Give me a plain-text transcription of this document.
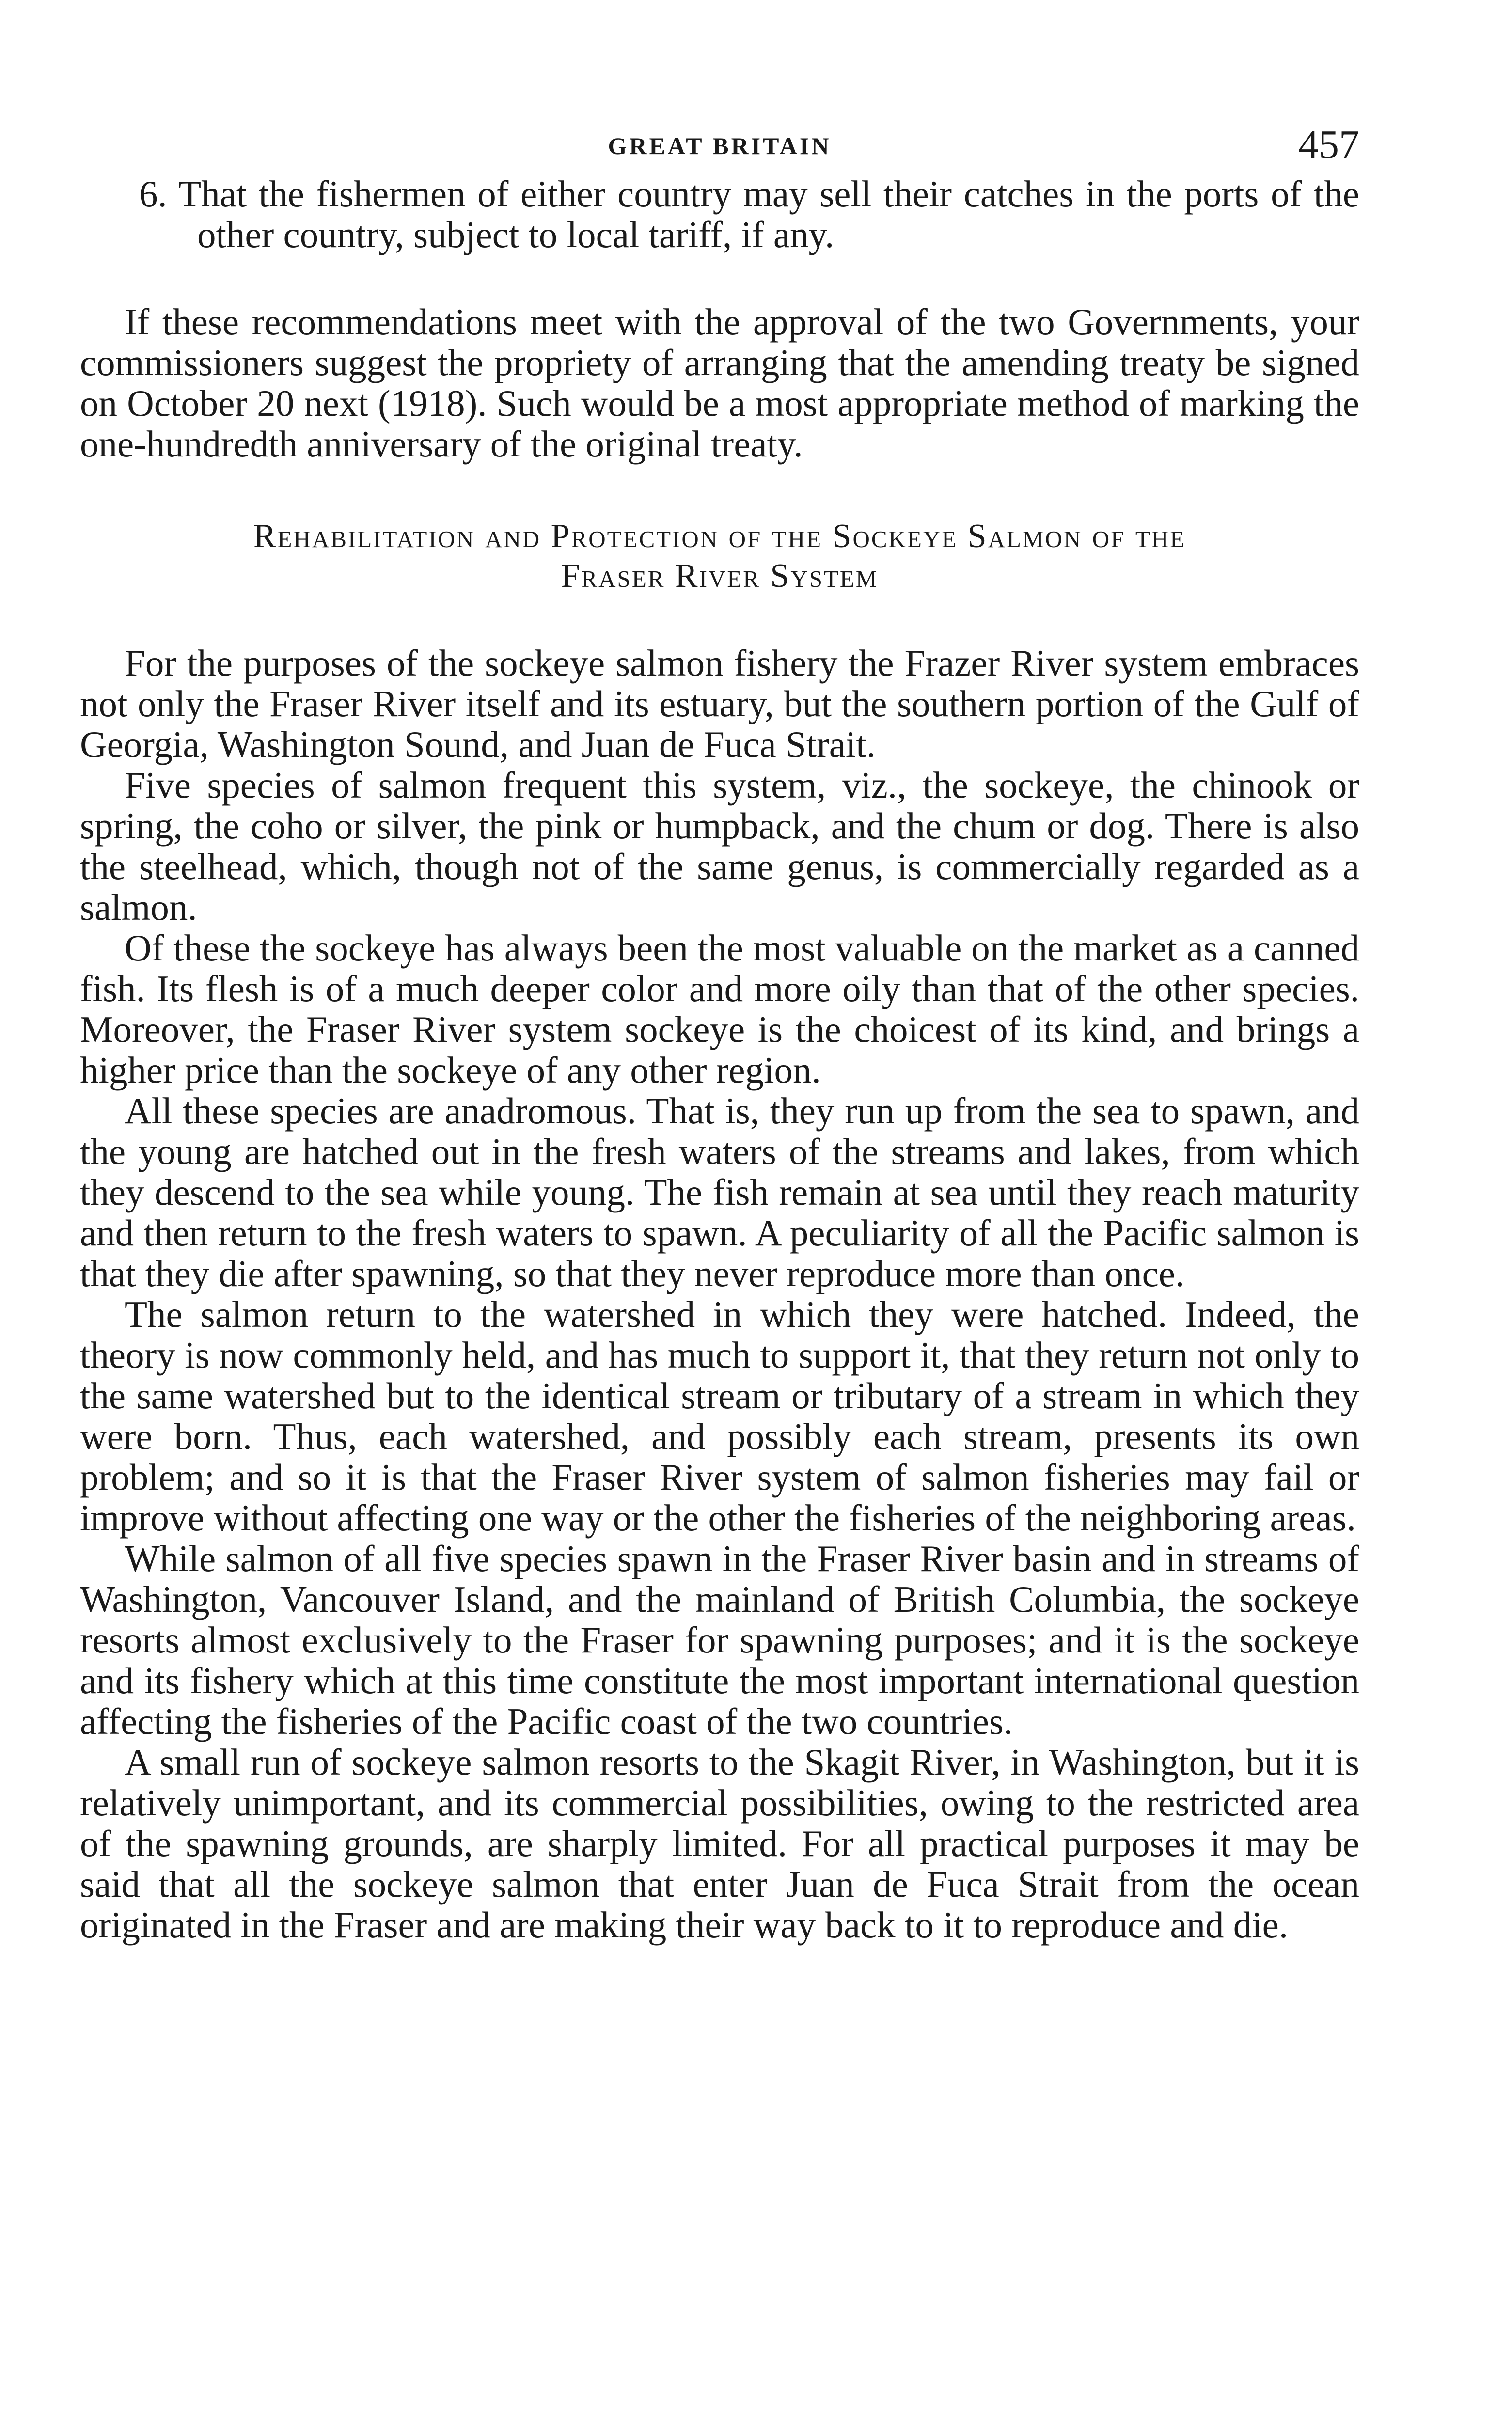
GREAT BRITAIN	457

6. That the fishermen of either country may sell their catches in the ports of the other country, subject to local tariff, if any.

If these recommendations meet with the approval of the two Governments, your commissioners suggest the propriety of arranging that the amending treaty be signed on October 20 next (1918). Such would be a most appropriate method of marking the one-hundredth anniversary of the original treaty.

Rehabilitation and Protection of the Sockeye Salmon of the
Fraser River System

For the purposes of the sockeye salmon fishery the Frazer River system embraces not only the Fraser River itself and its estuary, but the southern portion of the Gulf of Georgia, Washington Sound, and Juan de Fuca Strait.

Five species of salmon frequent this system, viz., the sockeye, the chinook or spring, the coho or silver, the pink or humpback, and the chum or dog. There is also the steelhead, which, though not of the same genus, is commercially regarded as a salmon.

Of these the sockeye has always been the most valuable on the market as a canned fish. Its flesh is of a much deeper color and more oily than that of the other species. Moreover, the Fraser River system sockeye is the choicest of its kind, and brings a higher price than the sockeye of any other region.

All these species are anadromous. That is, they run up from the sea to spawn, and the young are hatched out in the fresh waters of the streams and lakes, from which they descend to the sea while young. The fish remain at sea until they reach maturity and then return to the fresh waters to spawn. A peculiarity of all the Pacific salmon is that they die after spawning, so that they never reproduce more than once.

The salmon return to the watershed in which they were hatched. Indeed, the theory is now commonly held, and has much to support it, that they return not only to the same watershed but to the identical stream or tributary of a stream in which they were born. Thus, each watershed, and possibly each stream, presents its own problem; and so it is that the Fraser River system of salmon fisheries may fail or improve without affecting one way or the other the fisheries of the neighboring areas.

While salmon of all five species spawn in the Fraser River basin and in streams of Washington, Vancouver Island, and the mainland of British Columbia, the sockeye resorts almost exclusively to the Fraser for spawning purposes; and it is the sockeye and its fishery which at this time constitute the most important international question affecting the fisheries of the Pacific coast of the two countries.

A small run of sockeye salmon resorts to the Skagit River, in Washington, but it is relatively unimportant, and its commercial possibilities, owing to the restricted area of the spawning grounds, are sharply limited. For all practical purposes it may be said that all the sockeye salmon that enter Juan de Fuca Strait from the ocean originated in the Fraser and are making their way back to it to reproduce and die.
